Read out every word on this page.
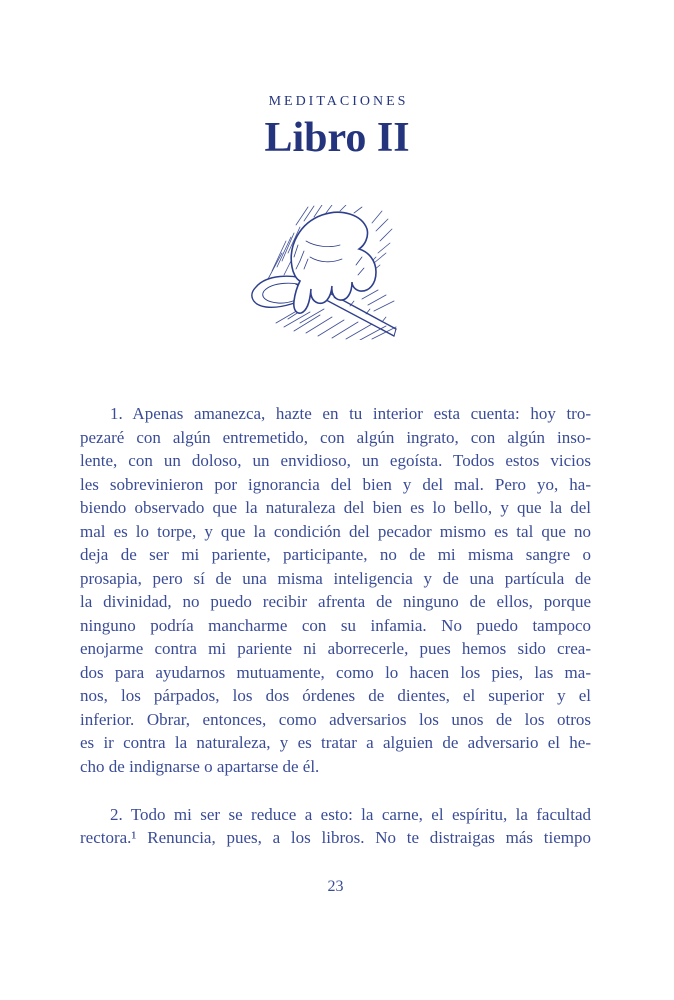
MEDITACIONES
Libro II
1. Apenas amanezca, hazte en tu interior esta cuenta: hoy tro-
pezaré con algún entremetido, con algún ingrato, con algún inso-
lente, con un doloso, un envidioso, un egoísta. Todos estos vicios
les sobrevinieron por ignorancia del bien y del mal. Pero yo, ha-
biendo observado que la naturaleza del bien es lo bello, y que la del
mal es lo torpe, y que la condición del pecador mismo es tal que no
deja de ser mi pariente, participante, no de mi misma sangre o
prosapia, pero sí de una misma inteligencia y de una partícula de
la divinidad, no puedo recibir afrenta de ninguno de ellos, porque
ninguno podría mancharme con su infamia. No puedo tampoco
enojarme contra mi pariente ni aborrecerle, pues hemos sido crea-
dos para ayudarnos mutuamente, como lo hacen los pies, las ma-
nos, los párpados, los dos órdenes de dientes, el superior y el
inferior. Obrar, entonces, como adversarios los unos de los otros
es ir contra la naturaleza, y es tratar a alguien de adversario el he-
cho de indignarse o apartarse de él.
2. Todo mi ser se reduce a esto: la carne, el espíritu, la facultad
rectora.¹ Renuncia, pues, a los libros. No te distraigas más tiempo
23
